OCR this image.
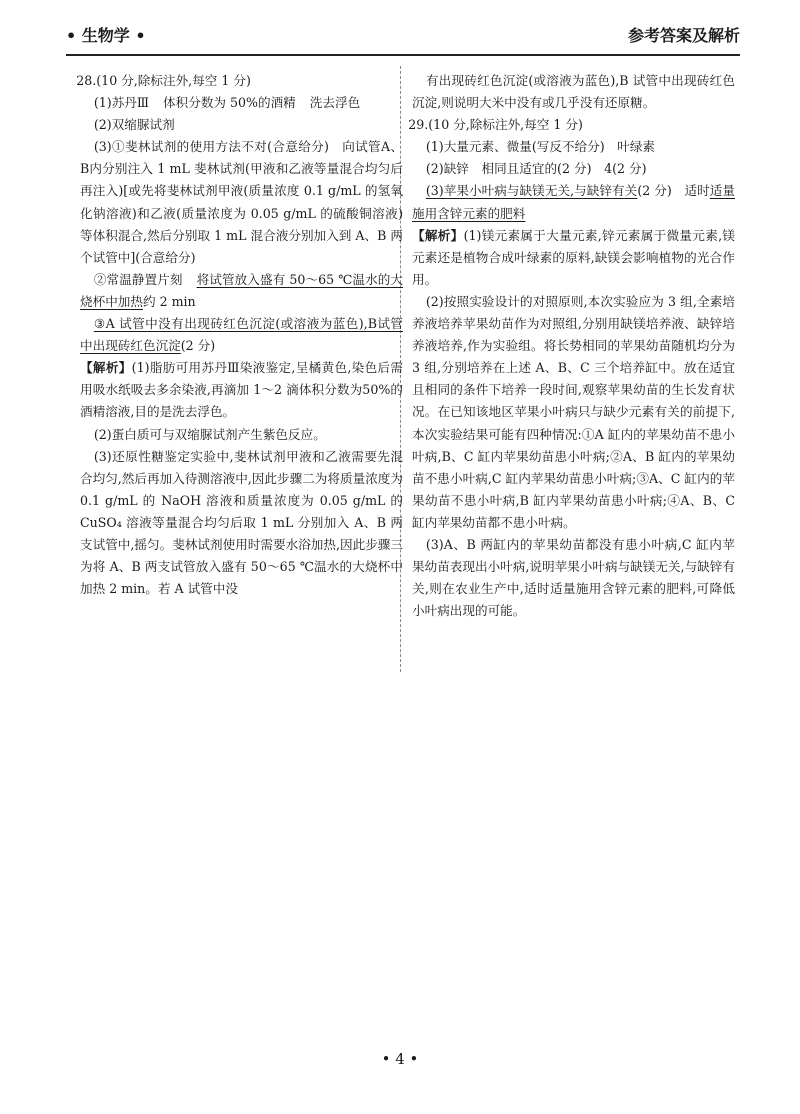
• 生物学 •	参考答案及解析

28.(10 分,除标注外,每空 1 分)

(1)苏丹Ⅲ 体积分数为 50%的酒精 洗去浮色

(2)双缩脲试剂

(3)①斐林试剂的使用方法不对(合意给分)　向试管A、B内分别注入 1 mL 斐林试剂(甲液和乙液等量混合均匀后再注入)[或先将斐林试剂甲液(质量浓度 0.1 g/mL 的氢氧化钠溶液)和乙液(质量浓度为 0.05 g/mL 的硫酸铜溶液)等体积混合,然后分别取 1 mL 混合液分别加入到 A、B 两个试管中](合意给分)

②常温静置片刻 将试管放入盛有 50～65 ℃温水的大烧杯中加热约 2 min

③A 试管中没有出现砖红色沉淀(或溶液为蓝色),B试管中出现砖红色沉淀(2 分)

【解析】(1)脂肪可用苏丹Ⅲ染液鉴定,呈橘黄色,染色后需用吸水纸吸去多余染液,再滴加 1～2 滴体积分数为50%的酒精溶液,目的是洗去浮色。

(2)蛋白质可与双缩脲试剂产生紫色反应。

(3)还原性糖鉴定实验中,斐林试剂甲液和乙液需要先混合均匀,然后再加入待测溶液中,因此步骤二为将质量浓度为 0.1 g/mL 的 NaOH 溶液和质量浓度为 0.05 g/mL 的 CuSO₄ 溶液等量混合均匀后取 1 mL 分别加入 A、B 两支试管中,摇匀。斐林试剂使用时需要水浴加热,因此步骤三为将 A、B 两支试管放入盛有 50～65 ℃温水的大烧杯中加热 2 min。若 A 试管中没

有出现砖红色沉淀(或溶液为蓝色),B 试管中出现砖红色沉淀,则说明大米中没有或几乎没有还原糖。

29.(10 分,除标注外,每空 1 分)

(1)大量元素、微量(写反不给分)　叶绿素

(2)缺锌　相同且适宜的(2 分)　4(2 分)

(3)苹果小叶病与缺镁无关,与缺锌有关(2 分)　适时适量施用含锌元素的肥料

【解析】(1)镁元素属于大量元素,锌元素属于微量元素,镁元素还是植物合成叶绿素的原料,缺镁会影响植物的光合作用。

(2)按照实验设计的对照原则,本次实验应为 3 组,全素培养液培养苹果幼苗作为对照组,分别用缺镁培养液、缺锌培养液培养,作为实验组。将长势相同的苹果幼苗随机均分为 3 组,分别培养在上述 A、B、C 三个培养缸中。放在适宜且相同的条件下培养一段时间,观察苹果幼苗的生长发育状况。在已知该地区苹果小叶病只与缺少元素有关的前提下,本次实验结果可能有四种情况:①A 缸内的苹果幼苗不患小叶病,B、C 缸内苹果幼苗患小叶病;②A、B 缸内的苹果幼苗不患小叶病,C 缸内苹果幼苗患小叶病;③A、C 缸内的苹果幼苗不患小叶病,B 缸内苹果幼苗患小叶病;④A、B、C 缸内苹果幼苗都不患小叶病。

(3)A、B 两缸内的苹果幼苗都没有患小叶病,C 缸内苹果幼苗表现出小叶病,说明苹果小叶病与缺镁无关,与缺锌有关,则在农业生产中,适时适量施用含锌元素的肥料,可降低小叶病出现的可能。

• 4 •
